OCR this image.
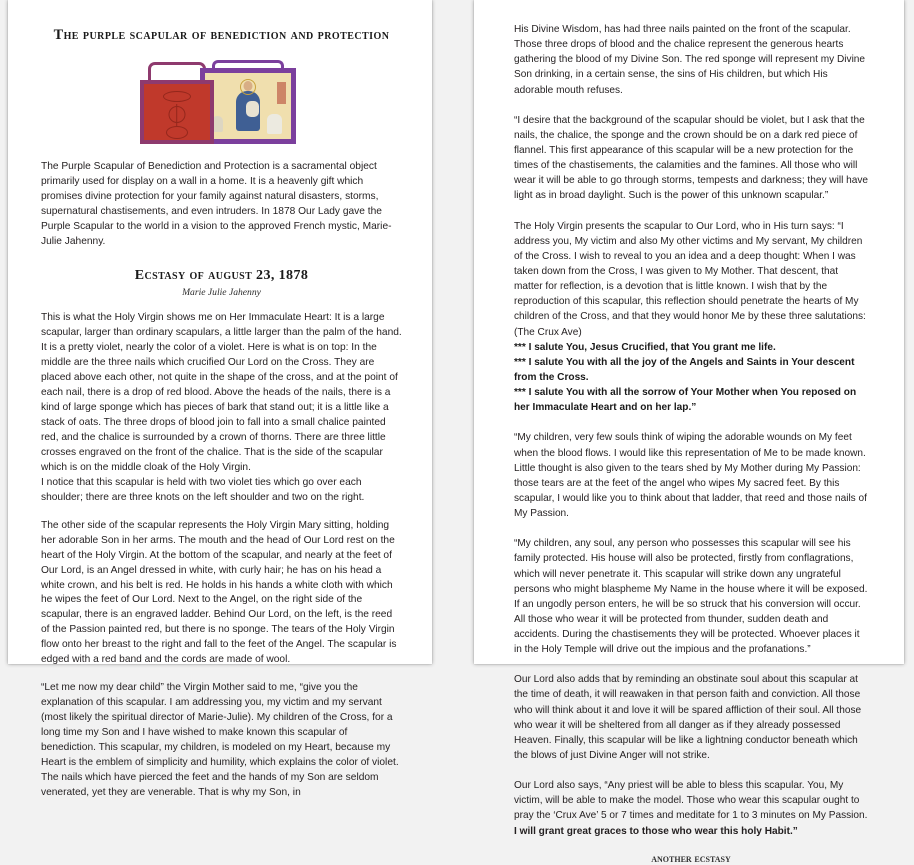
The purple scapular of benediction and protection

The Purple Scapular of Benediction and Protection is a sacramental object primarily used for display on a wall in a home. It is a heavenly gift which promises divine protection for your family against natural disasters, storms, supernatural chastisements, and even intruders. In 1878 Our Lady gave the Purple Scapular to the world in a vision to the approved French mystic, Marie-Julie Jahenny.

Ecstasy of august 23, 1878

Marie Julie Jahenny

This is what the Holy Virgin shows me on Her Immaculate Heart: It is a large scapular, larger than ordinary scapulars, a little larger than the palm of the hand. It is a pretty violet, nearly the color of a violet. Here is what is on top: In the middle are the three nails which crucified Our Lord on the Cross. They are placed above each other, not quite in the shape of the cross, and at the point of each nail, there is a drop of red blood. Above the heads of the nails, there is a kind of large sponge which has pieces of bark that stand out; it is a little like a stack of oats. The three drops of blood join to fall into a small chalice painted red, and the chalice is surrounded by a crown of thorns. There are three little crosses engraved on the front of the chalice. That is the side of the scapular which is on the middle cloak of the Holy Virgin.

I notice that this scapular is held with two violet ties which go over each shoulder; there are three knots on the left shoulder and two on the right.

The other side of the scapular represents the Holy Virgin Mary sitting, holding her adorable Son in her arms. The mouth and the head of Our Lord rest on the heart of the Holy Virgin. At the bottom of the scapular, and nearly at the feet of Our Lord, is an Angel dressed in white, with curly hair; he has on his head a white crown, and his belt is red. He holds in his hands a white cloth with which he wipes the feet of Our Lord. Next to the Angel, on the right side of the scapular, there is an engraved ladder. Behind Our Lord, on the left, is the reed of the Passion painted red, but there is no sponge. The tears of the Holy Virgin flow onto her breast to the right and fall to the feet of the Angel. The scapular is edged with a red band and the cords are made of wool.

“Let me now my dear child” the Virgin Mother said to me, “give you the explanation of this scapular. I am addressing you, my victim and my servant (most likely the spiritual director of Marie-Julie). My children of the Cross, for a long time my Son and I have wished to make known this scapular of benediction. This scapular, my children, is modeled on my Heart, because my Heart is the emblem of simplicity and humility, which explains the color of violet. The nails which have pierced the feet and the hands of my Son are seldom venerated, yet they are venerable. That is why my Son, in

His Divine Wisdom, has had three nails painted on the front of the scapular. Those three drops of blood and the chalice represent the generous hearts gathering the blood of my Divine Son. The red sponge will represent my Divine Son drinking, in a certain sense, the sins of His children, but which His adorable mouth refuses.

“I desire that the background of the scapular should be violet, but I ask that the nails, the chalice, the sponge and the crown should be on a dark red piece of flannel. This first appearance of this scapular will be a new protection for the times of the chastisements, the calamities and the famines. All those who will wear it will be able to go through storms, tempests and darkness; they will have light as in broad daylight. Such is the power of this unknown scapular.”

The Holy Virgin presents the scapular to Our Lord, who in His turn says: “I address you, My victim and also My other victims and My servant, My children of the Cross. I wish to reveal to you an idea and a deep thought: When I was taken down from the Cross, I was given to My Mother. That descent, that matter for reflection, is a devotion that is little known. I wish that by the reproduction of this scapular, this reflection should penetrate the hearts of My children of the Cross, and that they would honor Me by these three salutations: (The Crux Ave)

*** I salute You, Jesus Crucified, that You grant me life.

*** I salute You with all the joy of the Angels and Saints in Your descent from the Cross.

*** I salute You with all the sorrow of Your Mother when You reposed on her Immaculate Heart and on her lap.”

“My children, very few souls think of wiping the adorable wounds on My feet when the blood flows. I would like this representation of Me to be made known. Little thought is also given to the tears shed by My Mother during My Passion: those tears are at the feet of the angel who wipes My sacred feet. By this scapular, I would like you to think about that ladder, that reed and those nails of My Passion.

“My children, any soul, any person who possesses this scapular will see his family protected. His house will also be protected, firstly from conflagrations, which will never penetrate it. This scapular will strike down any ungrateful persons who might blaspheme My Name in the house where it will be exposed. If an ungodly person enters, he will be so struck that his conversion will occur. All those who wear it will be protected from thunder, sudden death and accidents. During the chastisements they will be protected. Whoever places it in the Holy Temple will drive out the impious and the profanations.”

Our Lord also adds that by reminding an obstinate soul about this scapular at the time of death, it will reawaken in that person faith and conviction. All those who will think about it and love it will be spared affliction of their soul. All those who wear it will be sheltered from all danger as if they already possessed Heaven. Finally, this scapular will be like a lightning conductor beneath which the blows of just Divine Anger will not strike.

Our Lord also says, “Any priest will be able to bless this scapular. You, My victim, will be able to make the model. Those who wear this scapular ought to pray the ‘Crux Ave’ 5 or 7 times and meditate for 1 to 3 minutes on My Passion. I will grant great graces to those who wear this holy Habit.”

another ecstasy
